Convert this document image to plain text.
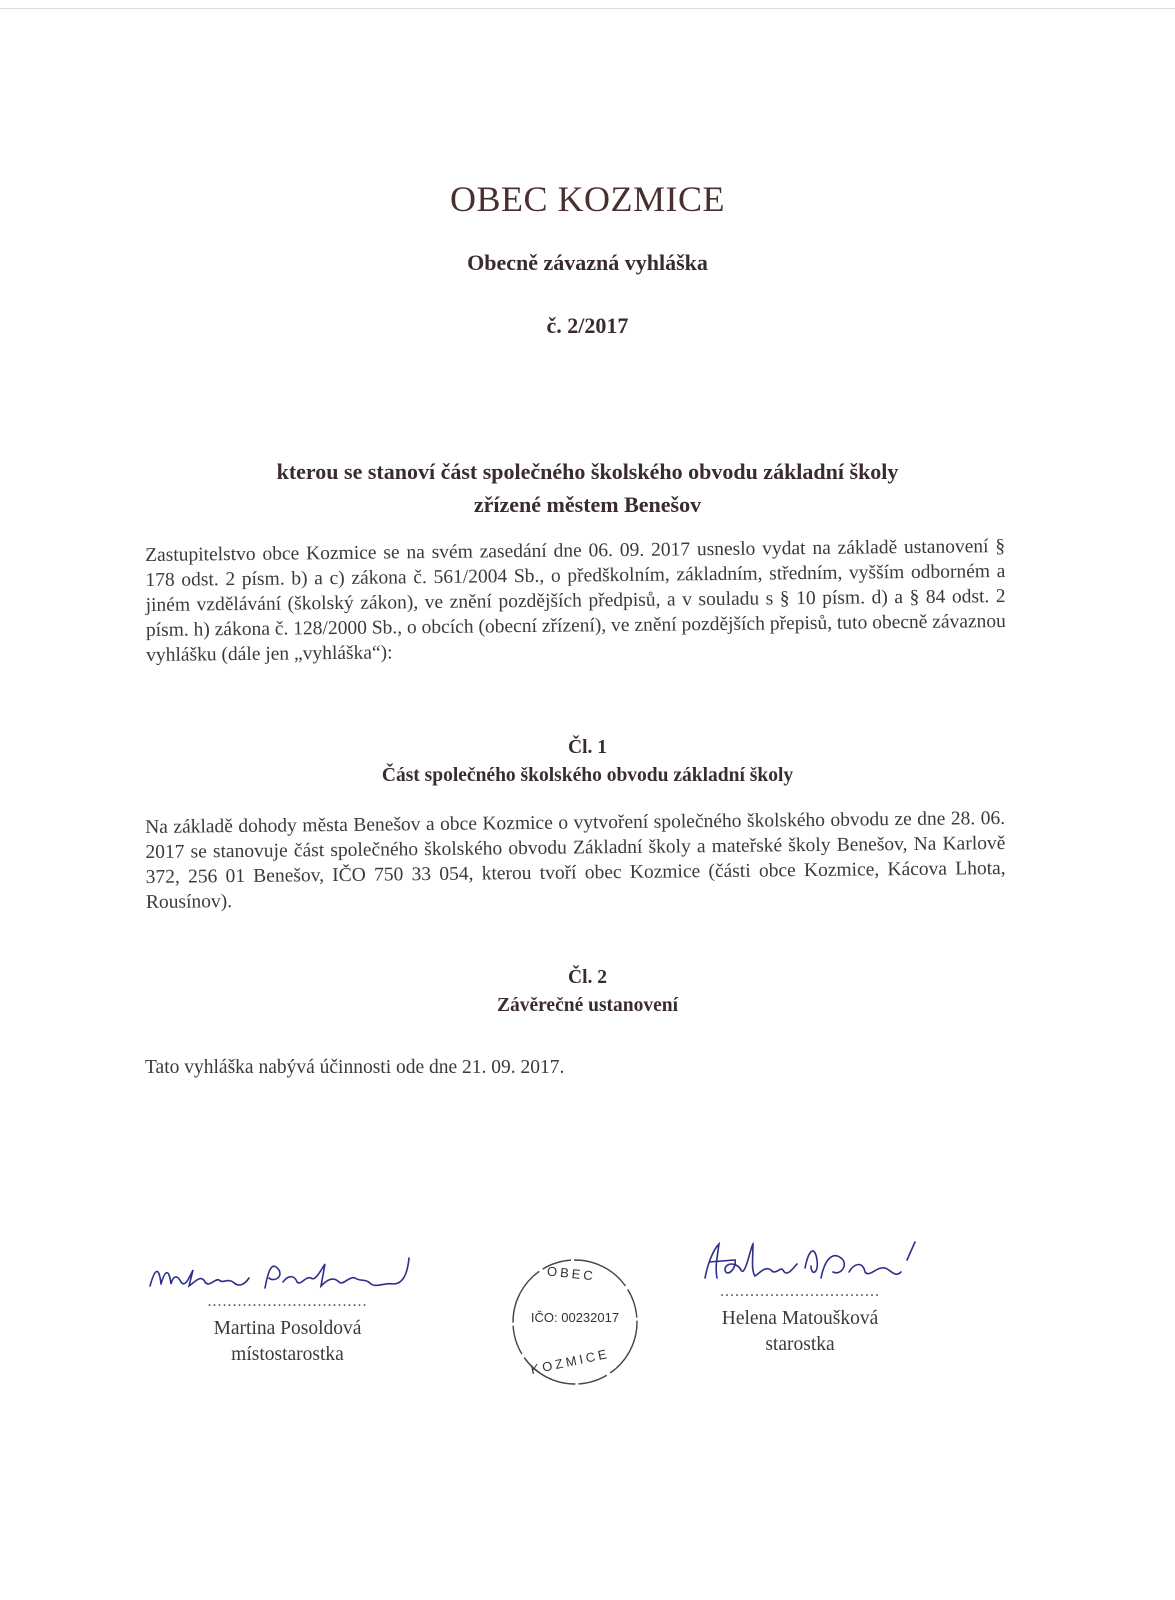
OBEC KOZMICE
Obecně závazná vyhláška
č. 2/2017
kterou se stanoví část společného školského obvodu základní školy
zřízené městem Benešov
Zastupitelstvo obce Kozmice se na svém zasedání dne 06. 09. 2017 usneslo vydat na základě ustanovení § 178 odst. 2 písm. b) a c) zákona č. 561/2004 Sb., o předškolním, základním, středním, vyšším odborném a jiném vzdělávání (školský zákon), ve znění pozdějších předpisů, a v souladu s § 10 písm. d) a § 84 odst. 2 písm. h) zákona č. 128/2000 Sb., o obcích (obecní zřízení), ve znění pozdějších přepisů, tuto obecně závaznou vyhlášku (dále jen „vyhláška“):
Čl. 1
Část společného školského obvodu základní školy
Na základě dohody města Benešov a obce Kozmice o vytvoření společného školského obvodu ze dne 28. 06. 2017 se stanovuje část společného školského obvodu Základní školy a mateřské školy Benešov, Na Karlově 372, 256 01 Benešov, IČO 750 33 054, kterou tvoří obec Kozmice (části obce Kozmice, Kácova Lhota, Rousínov).
Čl. 2
Závěrečné ustanovení
Tato vyhláška nabývá účinnosti ode dne 21. 09. 2017.
................................
Martina Posoldová
místostarostka
OBEC
IČO: 00232017
KOZMICE
................................
Helena Matoušková
starostka
